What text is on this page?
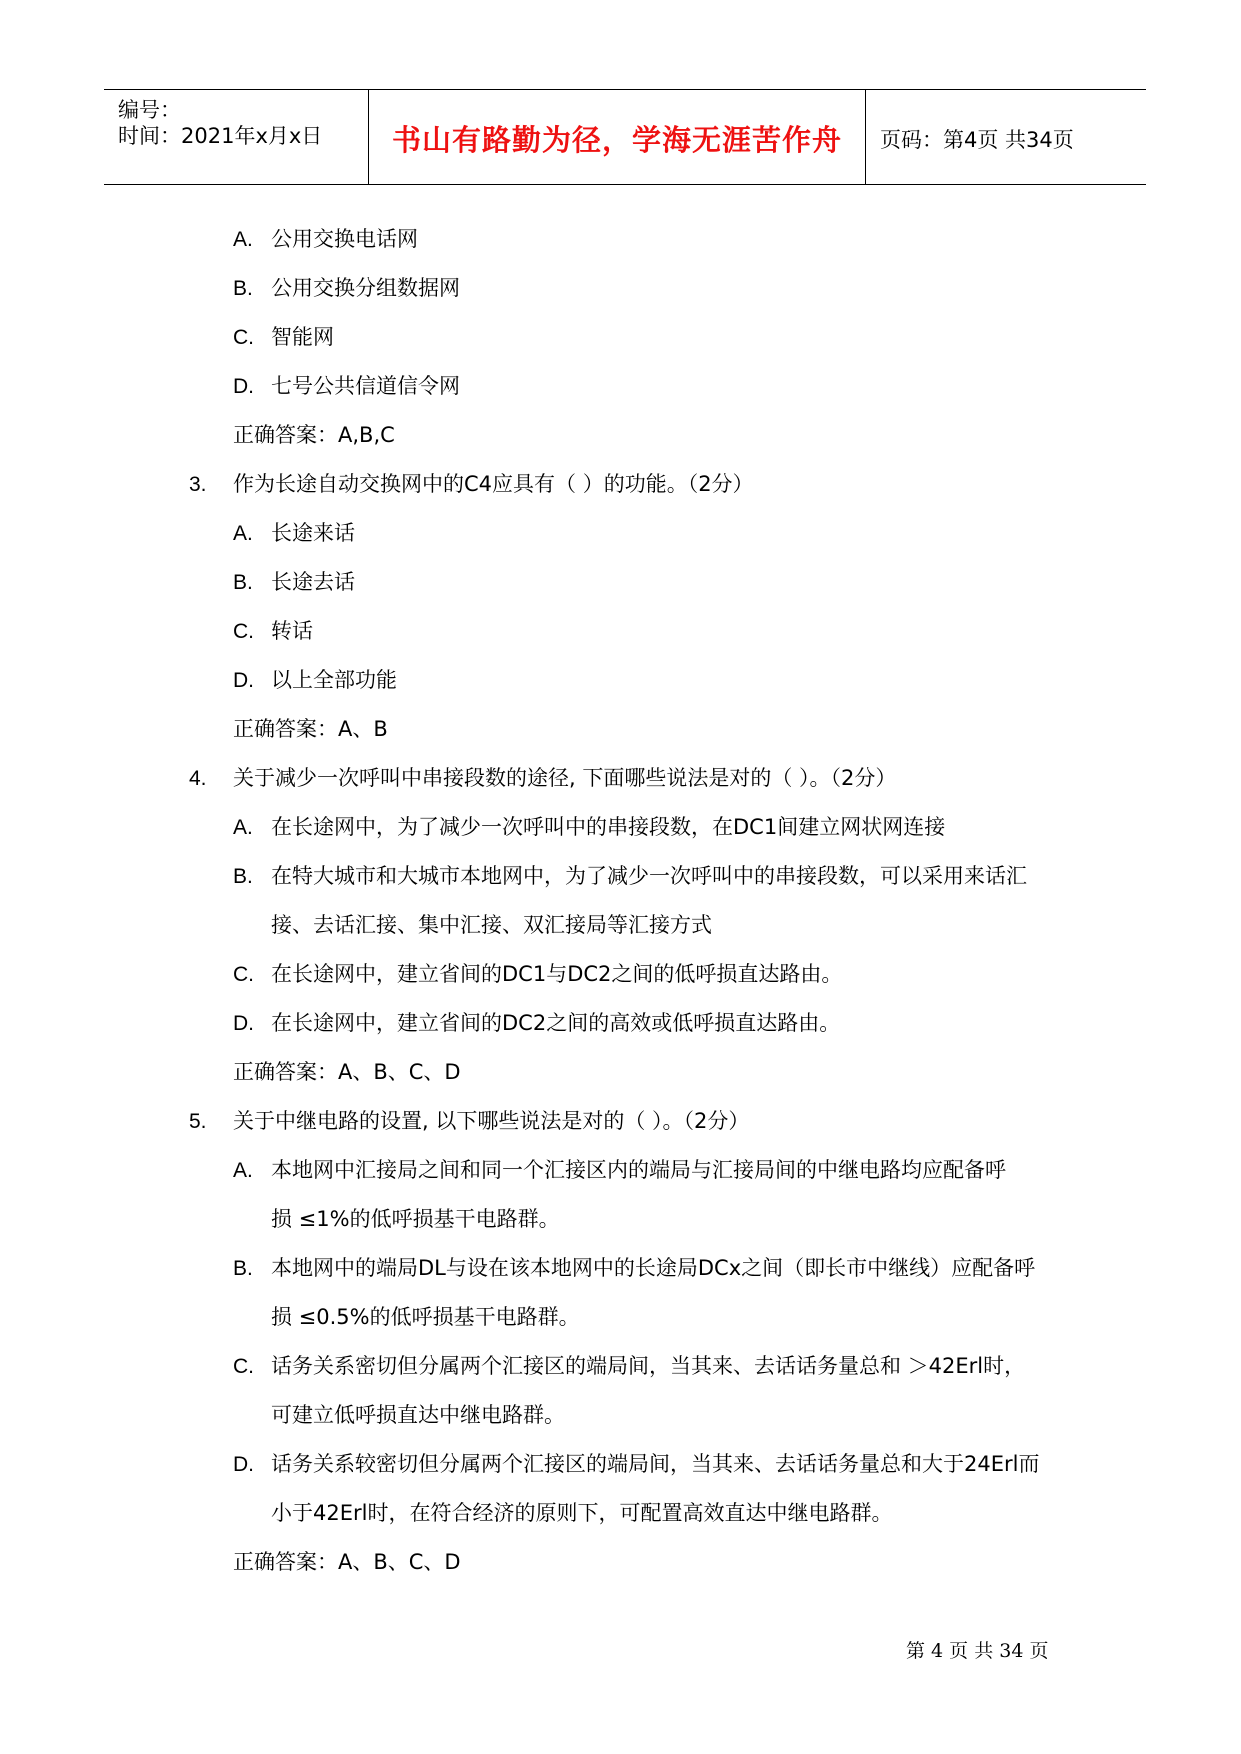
编号：
时间：2021年x月x日	书山有路勤为径，学海无涯苦作舟	页码：第4页 共34页
A. 公用交换电话网
B. 公用交换分组数据网
C. 智能网
D. 七号公共信道信令网
正确答案：A,B,C
3. 作为长途自动交换网中的C4应具有（ ）的功能。（2分）
A. 长途来话
B. 长途去话
C. 转话
D. 以上全部功能
正确答案：A、B
4. 关于减少一次呼叫中串接段数的途径, 下面哪些说法是对的（ ）。（2分）
A. 在长途网中，为了减少一次呼叫中的串接段数，在DC1间建立网状网连接
B. 在特大城市和大城市本地网中，为了减少一次呼叫中的串接段数，可以采用来话汇
接、去话汇接、集中汇接、双汇接局等汇接方式
C. 在长途网中，建立省间的DC1与DC2之间的低呼损直达路由。
D. 在长途网中，建立省间的DC2之间的高效或低呼损直达路由。
正确答案：A、B、C、D
5. 关于中继电路的设置, 以下哪些说法是对的（ ）。（2分）
A. 本地网中汇接局之间和同一个汇接区内的端局与汇接局间的中继电路均应配备呼
损 ≤1%的低呼损基干电路群。
B. 本地网中的端局DL与设在该本地网中的长途局DCx之间（即长市中继线）应配备呼
损 ≤0.5%的低呼损基干电路群。
C. 话务关系密切但分属两个汇接区的端局间，当其来、去话话务量总和 ＞42Erl时，
可建立低呼损直达中继电路群。
D. 话务关系较密切但分属两个汇接区的端局间，当其来、去话话务量总和大于24Erl而
小于42Erl时，在符合经济的原则下，可配置高效直达中继电路群。
正确答案：A、B、C、D
第 4 页 共 34 页
